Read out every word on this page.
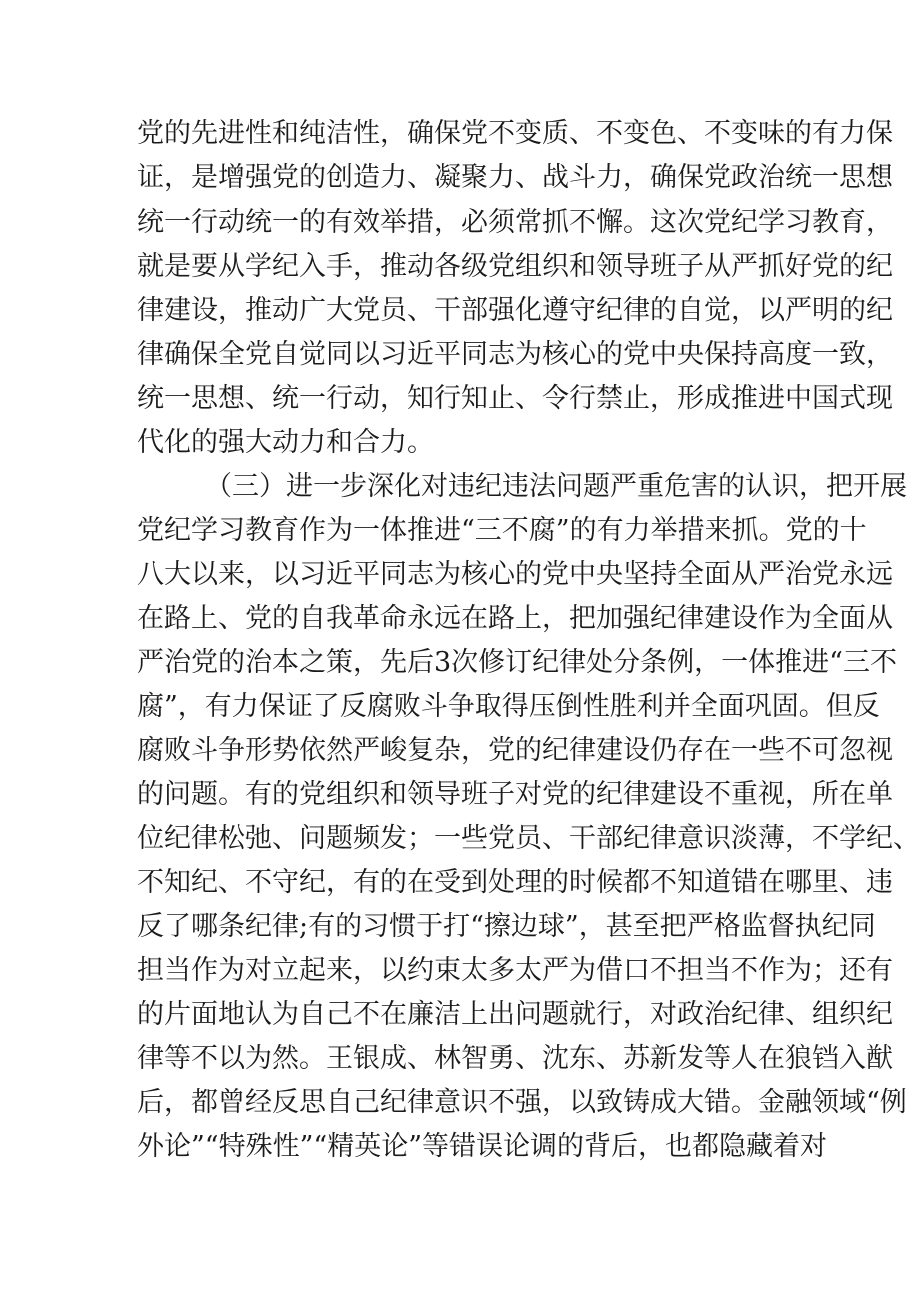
党的先进性和纯洁性，确保党不变质、不变色、不变味的有力保
证，是增强党的创造力、凝聚力、战斗力，确保党政治统一思想
统一行动统一的有效举措，必须常抓不懈。这次党纪学习教育，
就是要从学纪入手，推动各级党组织和领导班子从严抓好党的纪
律建设，推动广大党员、干部强化遵守纪律的自觉，以严明的纪
律确保全党自觉同以习近平同志为核心的党中央保持高度一致，
统一思想、统一行动，知行知止、令行禁止，形成推进中国式现
代化的强大动力和合力。
（三）进一步深化对违纪违法问题严重危害的认识，把开展
党纪学习教育作为一体推进“三不腐”的有力举措来抓。党的十
八大以来，以习近平同志为核心的党中央坚持全面从严治党永远
在路上、党的自我革命永远在路上，把加强纪律建设作为全面从
严治党的治本之策，先后3次修订纪律处分条例，一体推进“三不
腐”，有力保证了反腐败斗争取得压倒性胜利并全面巩固。但反
腐败斗争形势依然严峻复杂，党的纪律建设仍存在一些不可忽视
的问题。有的党组织和领导班子对党的纪律建设不重视，所在单
位纪律松弛、问题频发；一些党员、干部纪律意识淡薄，不学纪、
不知纪、不守纪，有的在受到处理的时候都不知道错在哪里、违
反了哪条纪律;有的习惯于打“擦边球”，甚至把严格监督执纪同
担当作为对立起来，以约束太多太严为借口不担当不作为；还有
的片面地认为自己不在廉洁上出问题就行，对政治纪律、组织纪
律等不以为然。王银成、林智勇、沈东、苏新发等人在狼铛入猷
后，都曾经反思自己纪律意识不强，以致铸成大错。金融领域“例
外论”“特殊性”“精英论”等错误论调的背后，也都隐藏着对
